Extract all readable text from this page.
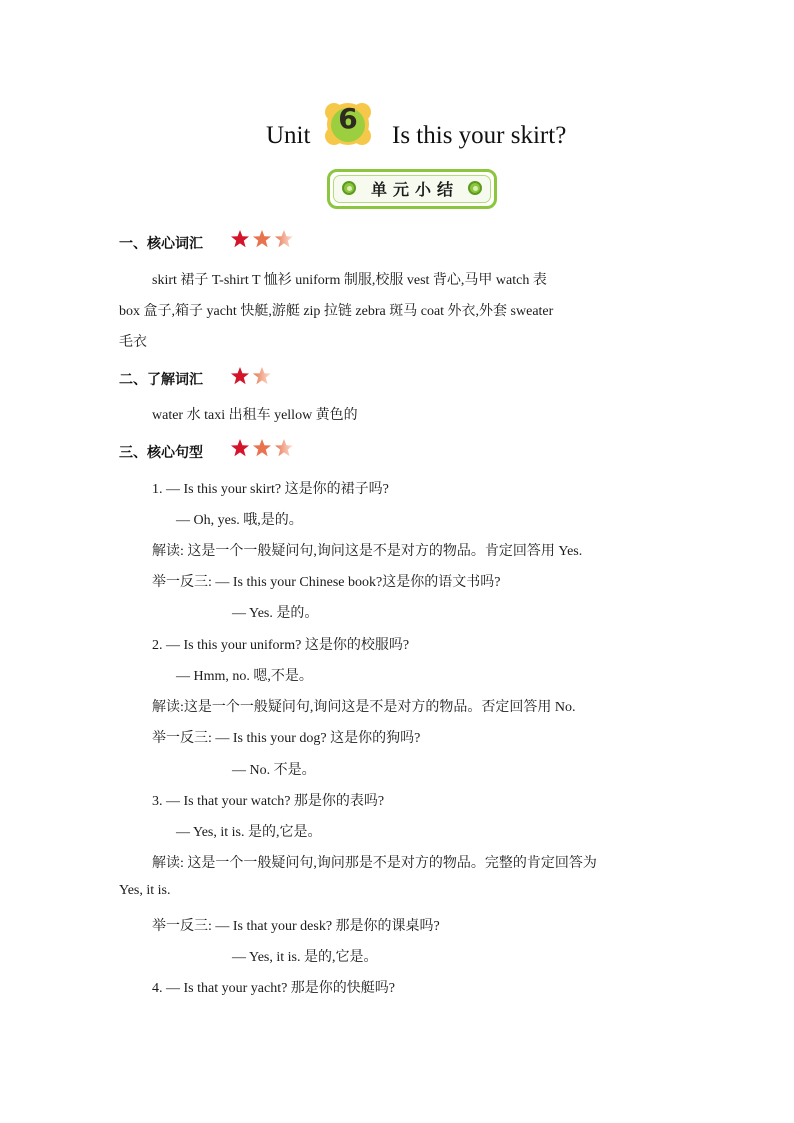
Unit
6
Is this your skirt?
单元小结
一、核心词汇
skirt 裙子 T-shirt T 恤衫 uniform 制服,校服 vest 背心,马甲 watch 表
box 盒子,箱子 yacht 快艇,游艇 zip 拉链 zebra 斑马 coat 外衣,外套 sweater
毛衣
二、了解词汇
water 水 taxi 出租车 yellow 黄色的
三、核心句型
1. — Is this your skirt? 这是你的裙子吗?
— Oh, yes. 哦,是的。
解读: 这是一个一般疑问句,询问这是不是对方的物品。肯定回答用 Yes.
举一反三: — Is this your Chinese book?这是你的语文书吗?
— Yes. 是的。
2. — Is this your uniform? 这是你的校服吗?
— Hmm, no. 嗯,不是。
解读:这是一个一般疑问句,询问这是不是对方的物品。否定回答用 No.
举一反三: — Is this your dog? 这是你的狗吗?
— No. 不是。
3. — Is that your watch? 那是你的表吗?
— Yes, it is. 是的,它是。
解读: 这是一个一般疑问句,询问那是不是对方的物品。完整的肯定回答为
Yes, it is.
举一反三: — Is that your desk? 那是你的课桌吗?
— Yes, it is. 是的,它是。
4. — Is that your yacht? 那是你的快艇吗?
